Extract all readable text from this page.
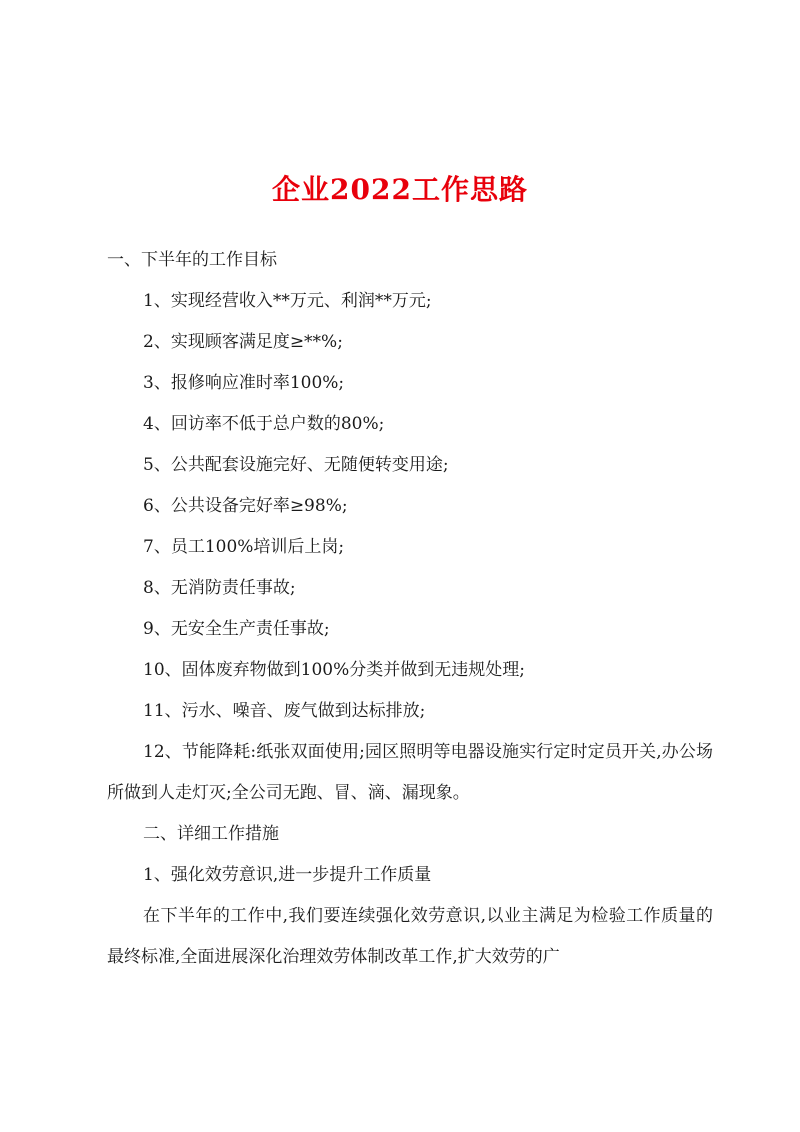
企业2022工作思路

一、下半年的工作目标

1、实现经营收入**万元、利润**万元;

2、实现顾客满足度≥**%;

3、报修响应准时率100%;

4、回访率不低于总户数的80%;

5、公共配套设施完好、无随便转变用途;

6、公共设备完好率≥98%;

7、员工100%培训后上岗;

8、无消防责任事故;

9、无安全生产责任事故;

10、固体废弃物做到100%分类并做到无违规处理;

11、污水、噪音、废气做到达标排放;

12、节能降耗:纸张双面使用;园区照明等电器设施实行定时定员开关,办公场所做到人走灯灭;全公司无跑、冒、滴、漏现象。

二、详细工作措施

1、强化效劳意识,进一步提升工作质量

在下半年的工作中,我们要连续强化效劳意识,以业主满足为检验工作质量的最终标准,全面进展深化治理效劳体制改革工作,扩大效劳的广
